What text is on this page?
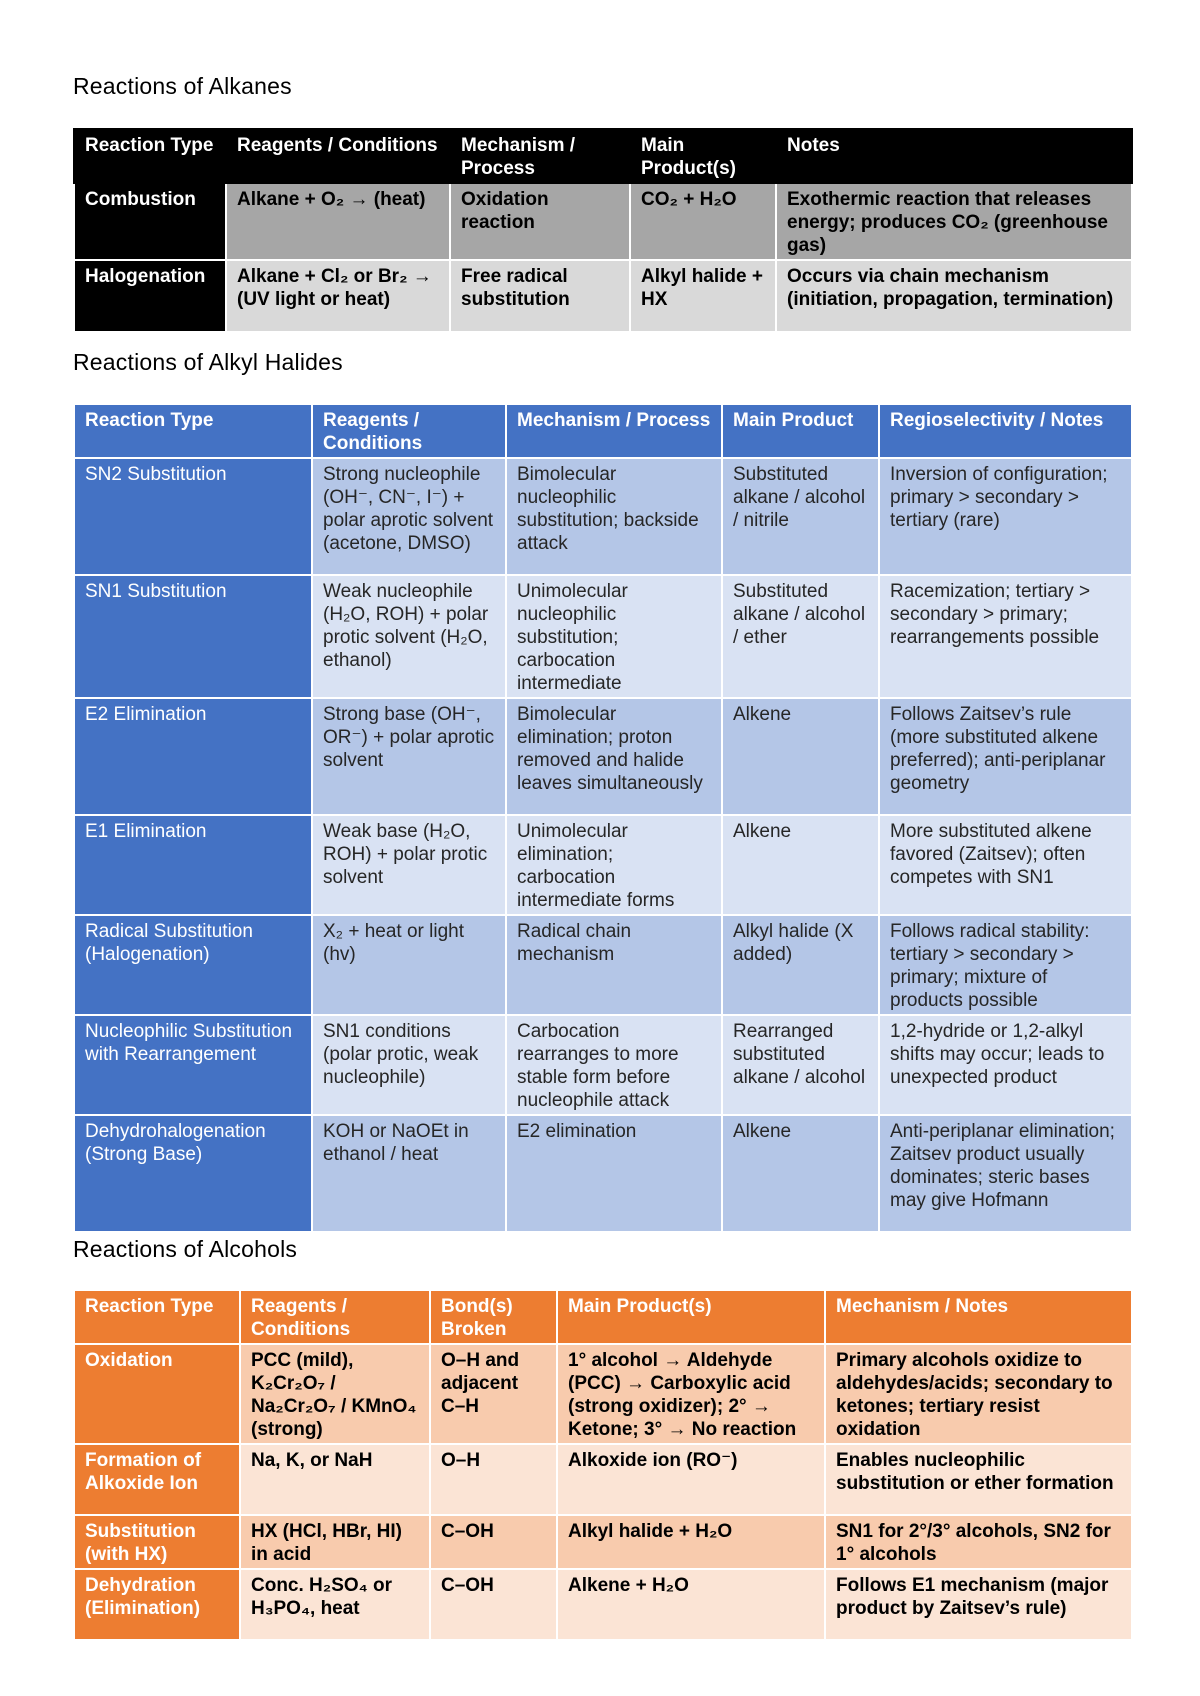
Reactions of Alkanes
Reaction Type	Reagents / Conditions	Mechanism / Process	Main Product(s)	Notes
Combustion	Alkane + O₂ → (heat)	Oxidation reaction	CO₂ + H₂O	Exothermic reaction that releases energy; produces CO₂ (greenhouse gas)
Halogenation	Alkane + Cl₂ or Br₂ → (UV light or heat)	Free radical substitution	Alkyl halide + HX	Occurs via chain mechanism (initiation, propagation, termination)
Reactions of Alkyl Halides
Reaction Type	Reagents / Conditions	Mechanism / Process	Main Product	Regioselectivity / Notes
SN2 Substitution	Strong nucleophile (OH⁻, CN⁻, I⁻) + polar aprotic solvent (acetone, DMSO)	Bimolecular nucleophilic substitution; backside attack	Substituted alkane / alcohol / nitrile	Inversion of configuration; primary > secondary > tertiary (rare)
SN1 Substitution	Weak nucleophile (H₂O, ROH) + polar protic solvent (H₂O, ethanol)	Unimolecular nucleophilic substitution; carbocation intermediate	Substituted alkane / alcohol / ether	Racemization; tertiary > secondary > primary; rearrangements possible
E2 Elimination	Strong base (OH⁻, OR⁻) + polar aprotic solvent	Bimolecular elimination; proton removed and halide leaves simultaneously	Alkene	Follows Zaitsev’s rule (more substituted alkene preferred); anti-periplanar geometry
E1 Elimination	Weak base (H₂O, ROH) + polar protic solvent	Unimolecular elimination; carbocation intermediate forms	Alkene	More substituted alkene favored (Zaitsev); often competes with SN1
Radical Substitution (Halogenation)	X₂ + heat or light (hv)	Radical chain mechanism	Alkyl halide (X added)	Follows radical stability: tertiary > secondary > primary; mixture of products possible
Nucleophilic Substitution with Rearrangement	SN1 conditions (polar protic, weak nucleophile)	Carbocation rearranges to more stable form before nucleophile attack	Rearranged substituted alkane / alcohol	1,2-hydride or 1,2-alkyl shifts may occur; leads to unexpected product
Dehydrohalogenation (Strong Base)	KOH or NaOEt in ethanol / heat	E2 elimination	Alkene	Anti-periplanar elimination; Zaitsev product usually dominates; steric bases may give Hofmann
Reactions of Alcohols
Reaction Type	Reagents / Conditions	Bond(s) Broken	Main Product(s)	Mechanism / Notes
Oxidation	PCC (mild), K₂Cr₂O₇ / Na₂Cr₂O₇ / KMnO₄ (strong)	O–H and adjacent C–H	1° alcohol → Aldehyde (PCC) → Carboxylic acid (strong oxidizer); 2° → Ketone; 3° → No reaction	Primary alcohols oxidize to aldehydes/acids; secondary to ketones; tertiary resist oxidation
Formation of Alkoxide Ion	Na, K, or NaH	O–H	Alkoxide ion (RO⁻)	Enables nucleophilic substitution or ether formation
Substitution (with HX)	HX (HCl, HBr, HI) in acid	C–OH	Alkyl halide + H₂O	SN1 for 2°/3° alcohols, SN2 for 1° alcohols
Dehydration (Elimination)	Conc. H₂SO₄ or H₃PO₄, heat	C–OH	Alkene + H₂O	Follows E1 mechanism (major product by Zaitsev’s rule)
